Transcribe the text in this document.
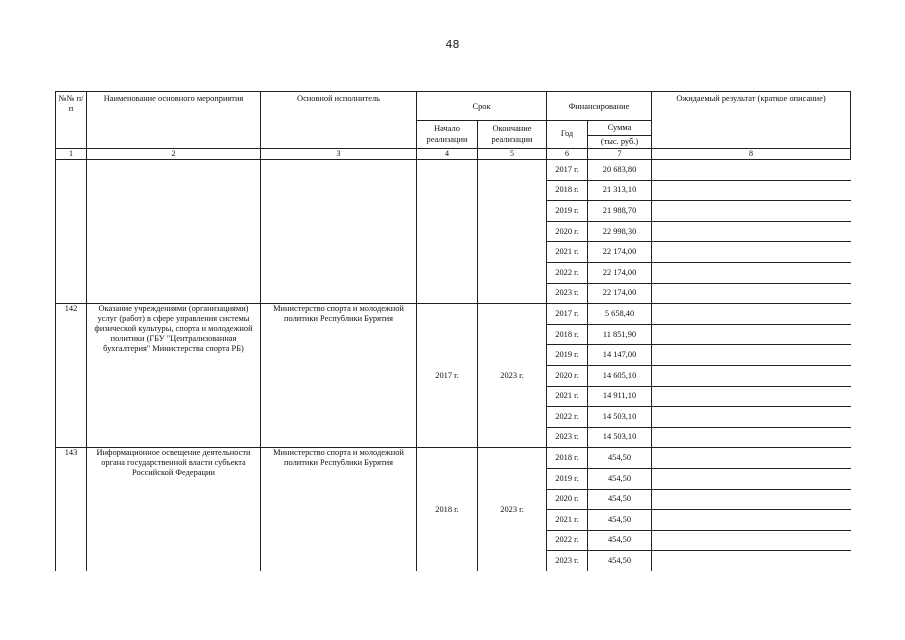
48
№№ п/п	Наименование основного мероприятия	Основной исполнитель	Срок		Финансирование		Ожидаемый результат (краткое описание)
			Начало реализации	Окончание реализации	Год	Сумма	
						(тыс. руб.)	
1	2	3	4	5	6	7	8
					2017 г.	20 683,80	
					2018 г.	21 313,10	
					2019 г.	21 988,70	
					2020 г.	22 998,30	
					2021 г.	22 174,00	
					2022 г.	22 174,00	
					2023 г.	22 174,00	
142	Оказание учреждениями (организациями) услуг (работ) в сфере управления системы физической культуры, спорта и молодежной политики (ГБУ "Централизованная бухгалтерия" Министерства спорта РБ)	Министерство спорта и молодежной политики Республики Бурятия	2017 г.	2023 г.	2017 г.	5 658,40	
					2018 г.	11 851,90	
					2019 г.	14 147,00	
					2020 г.	14 605,10	
					2021 г.	14 911,10	
					2022 г.	14 503,10	
					2023 г.	14 503,10	
143	Информационное освещение деятельности органа государственной власти субъекта Российской Федерации	Министерство спорта и молодежной политики Республики Бурятия	2018 г.	2023 г.	2018 г.	454,50	
					2019 г.	454,50	
					2020 г.	454,50	
					2021 г.	454,50	
					2022 г.	454,50	
					2023 г.	454,50	
